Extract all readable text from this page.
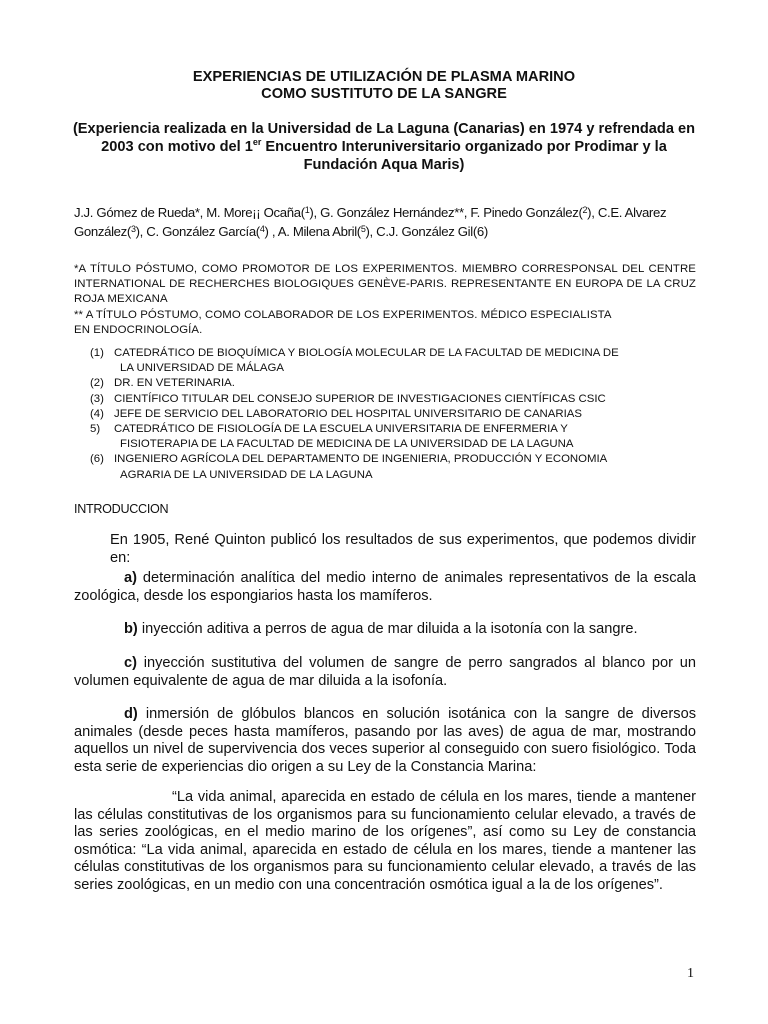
EXPERIENCIAS DE UTILIZACIÓN DE PLASMA MARINO
COMO SUSTITUTO DE LA SANGRE
(Experiencia realizada en la Universidad de La Laguna (Canarias) en 1974 y refrendada en 2003 con motivo del 1er Encuentro Interuniversitario organizado por Prodimar y la Fundación Aqua Maris)
J.J. Gómez de Rueda*, M. More¡¡ Ocaña($^1$), G. González Hernández**, F. Pinedo González($^2$), C.E. Alvarez González($^3$), C. González García($^4$) , A. Milena Abril($^5$), C.J. González Gil(6)
*A TÍTULO PÓSTUMO, COMO PROMOTOR DE LOS EXPERIMENTOS. MIEMBRO CORRESPONSAL DEL CENTRE INTERNATIONAL DE RECHERCHES BIOLOGIQUES GENÈVE-PARIS. REPRESENTANTE EN EUROPA DE LA CRUZ ROJA MEXICANA
** A TÍTULO PÓSTUMO, COMO COLABORADOR DE LOS EXPERIMENTOS. MÉDICO ESPECIALISTA
EN ENDOCRINOLOGÍA.
(1) CATEDRÁTICO DE BIOQUÍMICA Y BIOLOGÍA MOLECULAR DE LA FACULTAD DE MEDICINA DE
LA UNIVERSIDAD DE MÁLAGA
(2) DR. EN VETERINARIA.
(3) CIENTÍFICO TITULAR DEL CONSEJO SUPERIOR DE INVESTIGACIONES CIENTÍFICAS CSIC
(4) JEFE DE SERVICIO DEL LABORATORIO DEL HOSPITAL UNIVERSITARIO DE CANARIAS
5)	CATEDRÁTICO DE FISIOLOGÍA DE LA ESCUELA UNIVERSITARIA DE ENFERMERIA Y
FISIOTERAPIA DE LA FACULTAD DE MEDICINA DE LA UNIVERSIDAD DE LA LAGUNA
(6) INGENIERO AGRÍCOLA DEL DEPARTAMENTO DE INGENIERIA, PRODUCCIÓN Y ECONOMIA
AGRARIA DE LA UNIVERSIDAD DE LA LAGUNA
INTRODUCCION
En 1905, René Quinton publicó los resultados de sus experimentos, que podemos dividir en:
a) determinación analítica del medio interno de animales representativos de la escala zoológica, desde los espongiarios hasta los mamíferos.
b) inyección aditiva a perros de agua de mar diluida a la isotonía con la sangre.
c) inyección sustitutiva del volumen de sangre de perro sangrados al blanco por un volumen equivalente de agua de mar diluida a la isofonía.
d) inmersión de glóbulos blancos en solución isotánica con la sangre de diversos animales (desde peces hasta mamíferos, pasando por las aves) de agua de mar, mostrando aquellos un nivel de supervivencia dos veces superior al conseguido con suero fisiológico. Toda esta serie de experiencias dio origen a su Ley de la Constancia Marina:
“La vida animal, aparecida en estado de célula en los mares, tiende a mantener las células constitutivas de los organismos para su funcionamiento celular elevado, a través de las series zoológicas, en el medio marino de los orígenes”, así como su Ley de constancia osmótica: “La vida animal, aparecida en estado de célula en los mares, tiende a mantener las células constitutivas de los organismos para su funcionamiento celular elevado, a través de las series zoológicas, en un medio con una concentración osmótica igual a la de los orígenes”.
1
